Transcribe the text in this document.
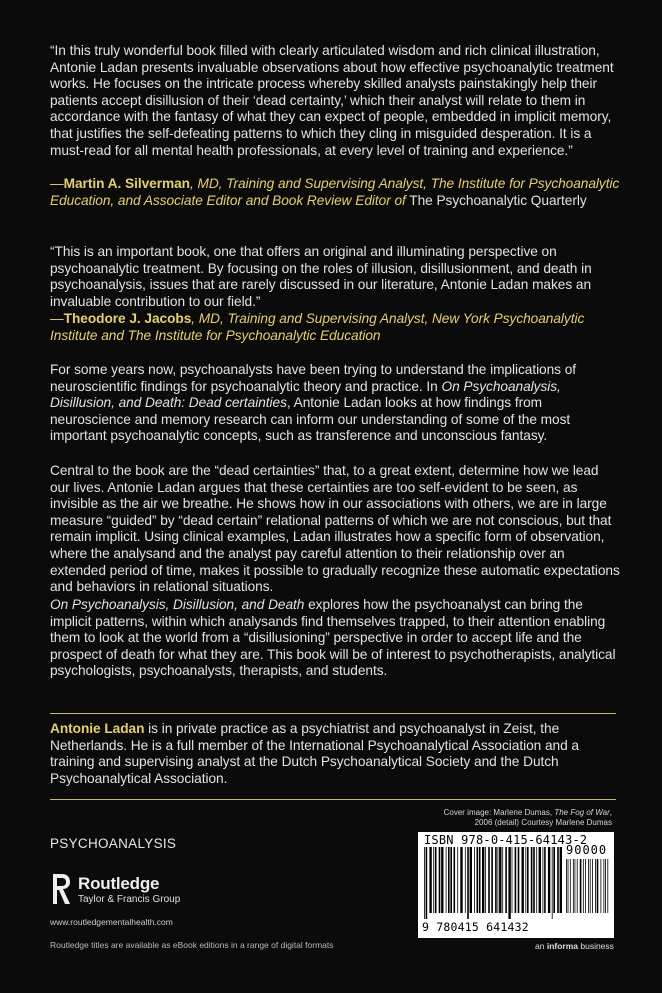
“In this truly wonderful book filled with clearly articulated wisdom and rich clinical illustration, Antonie Ladan presents invaluable observations about how effective psychoanalytic treatment works. He focuses on the intricate process whereby skilled analysts painstakingly help their patients accept disillusion of their ‘dead certainty,’ which their analyst will relate to them in accordance with the fantasy of what they can expect of people, embedded in implicit memory, that justifies the self-defeating patterns to which they cling in misguided desperation. It is a must-read for all mental health professionals, at every level of training and experience.”

—Martin A. Silverman, MD, Training and Supervising Analyst, The Institute for Psychoanalytic Education, and Associate Editor and Book Review Editor of The Psychoanalytic Quarterly

“This is an important book, one that offers an original and illuminating perspective on psychoanalytic treatment. By focusing on the roles of illusion, disillusionment, and death in psychoanalysis, issues that are rarely discussed in our literature, Antonie Ladan makes an invaluable contribution to our field.”

—Theodore J. Jacobs, MD, Training and Supervising Analyst, New York Psychoanalytic Institute and The Institute for Psychoanalytic Education

For some years now, psychoanalysts have been trying to understand the implications of neuroscientific findings for psychoanalytic theory and practice. In On Psychoanalysis, Disillusion, and Death: Dead certainties, Antonie Ladan looks at how findings from neuroscience and memory research can inform our understanding of some of the most important psychoanalytic concepts, such as transference and unconscious fantasy.

Central to the book are the “dead certainties” that, to a great extent, determine how we lead our lives. Antonie Ladan argues that these certainties are too self-evident to be seen, as invisible as the air we breathe. He shows how in our associations with others, we are in large measure “guided” by “dead certain” relational patterns of which we are not conscious, but that remain implicit. Using clinical examples, Ladan illustrates how a specific form of observation, where the analysand and the analyst pay careful attention to their relationship over an extended period of time, makes it possible to gradually recognize these automatic expectations and behaviors in relational situations.

On Psychoanalysis, Disillusion, and Death explores how the psychoanalyst can bring the implicit patterns, within which analysands find themselves trapped, to their attention enabling them to look at the world from a “disillusioning” perspective in order to accept life and the prospect of death for what they are. This book will be of interest to psychotherapists, analytical psychologists, psychoanalysts, therapists, and students.

Antonie Ladan is in private practice as a psychiatrist and psychoanalyst in Zeist, the Netherlands. He is a full member of the International Psychoanalytical Association and a training and supervising analyst at the Dutch Psychoanalytical Society and the Dutch Psychoanalytical Association.

Cover image: Marlene Dumas, The Fog of War,
2006 (detail) Courtesy Marlene Dumas
PSYCHOANALYSIS
Routledge
Taylor & Francis Group
www.routledgementalhealth.com
Routledge titles are available as eBook editions in a range of digital formats
ISBN 978-0-415-64143-2
90000
9 780415 641432
an informa business
